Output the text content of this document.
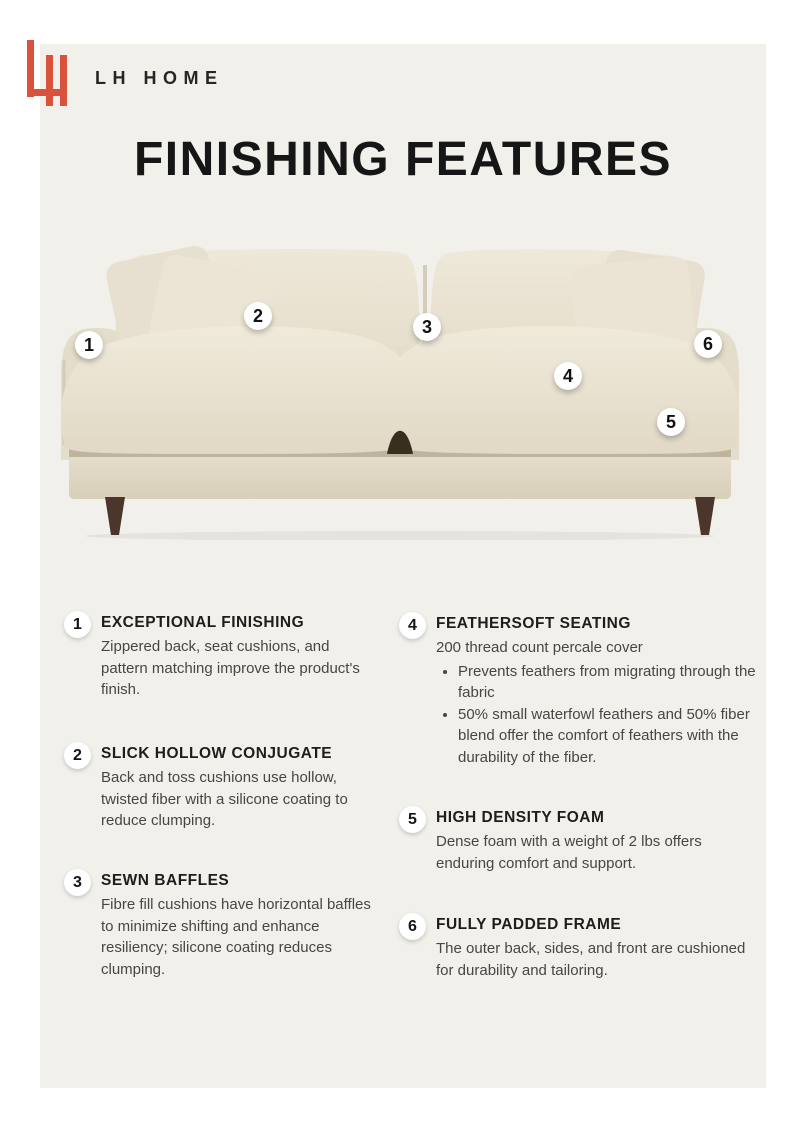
LH HOME
FINISHING FEATURES
1
2
3
4
5
6
1	EXCEPTIONAL FINISHING

Zippered back, seat cushions, and pattern matching improve the product's finish.

2	SLICK HOLLOW CONJUGATE

Back and toss cushions use hollow, twisted fiber with a silicone coating to reduce clumping.

3	SEWN BAFFLES

Fibre fill cushions have horizontal baffles to minimize shifting and enhance resiliency; silicone coating reduces clumping.

4	FEATHERSOFT SEATING

200 thread count percale cover

• Prevents feathers from migrating through the fabric
• 50% small waterfowl feathers and 50% fiber blend offer the comfort of feathers with the durability of the fiber.
5	HIGH DENSITY FOAM

Dense foam with a weight of 2 lbs offers enduring comfort and support.

6	FULLY PADDED FRAME

The outer back, sides, and front are cushioned for durability and tailoring.
